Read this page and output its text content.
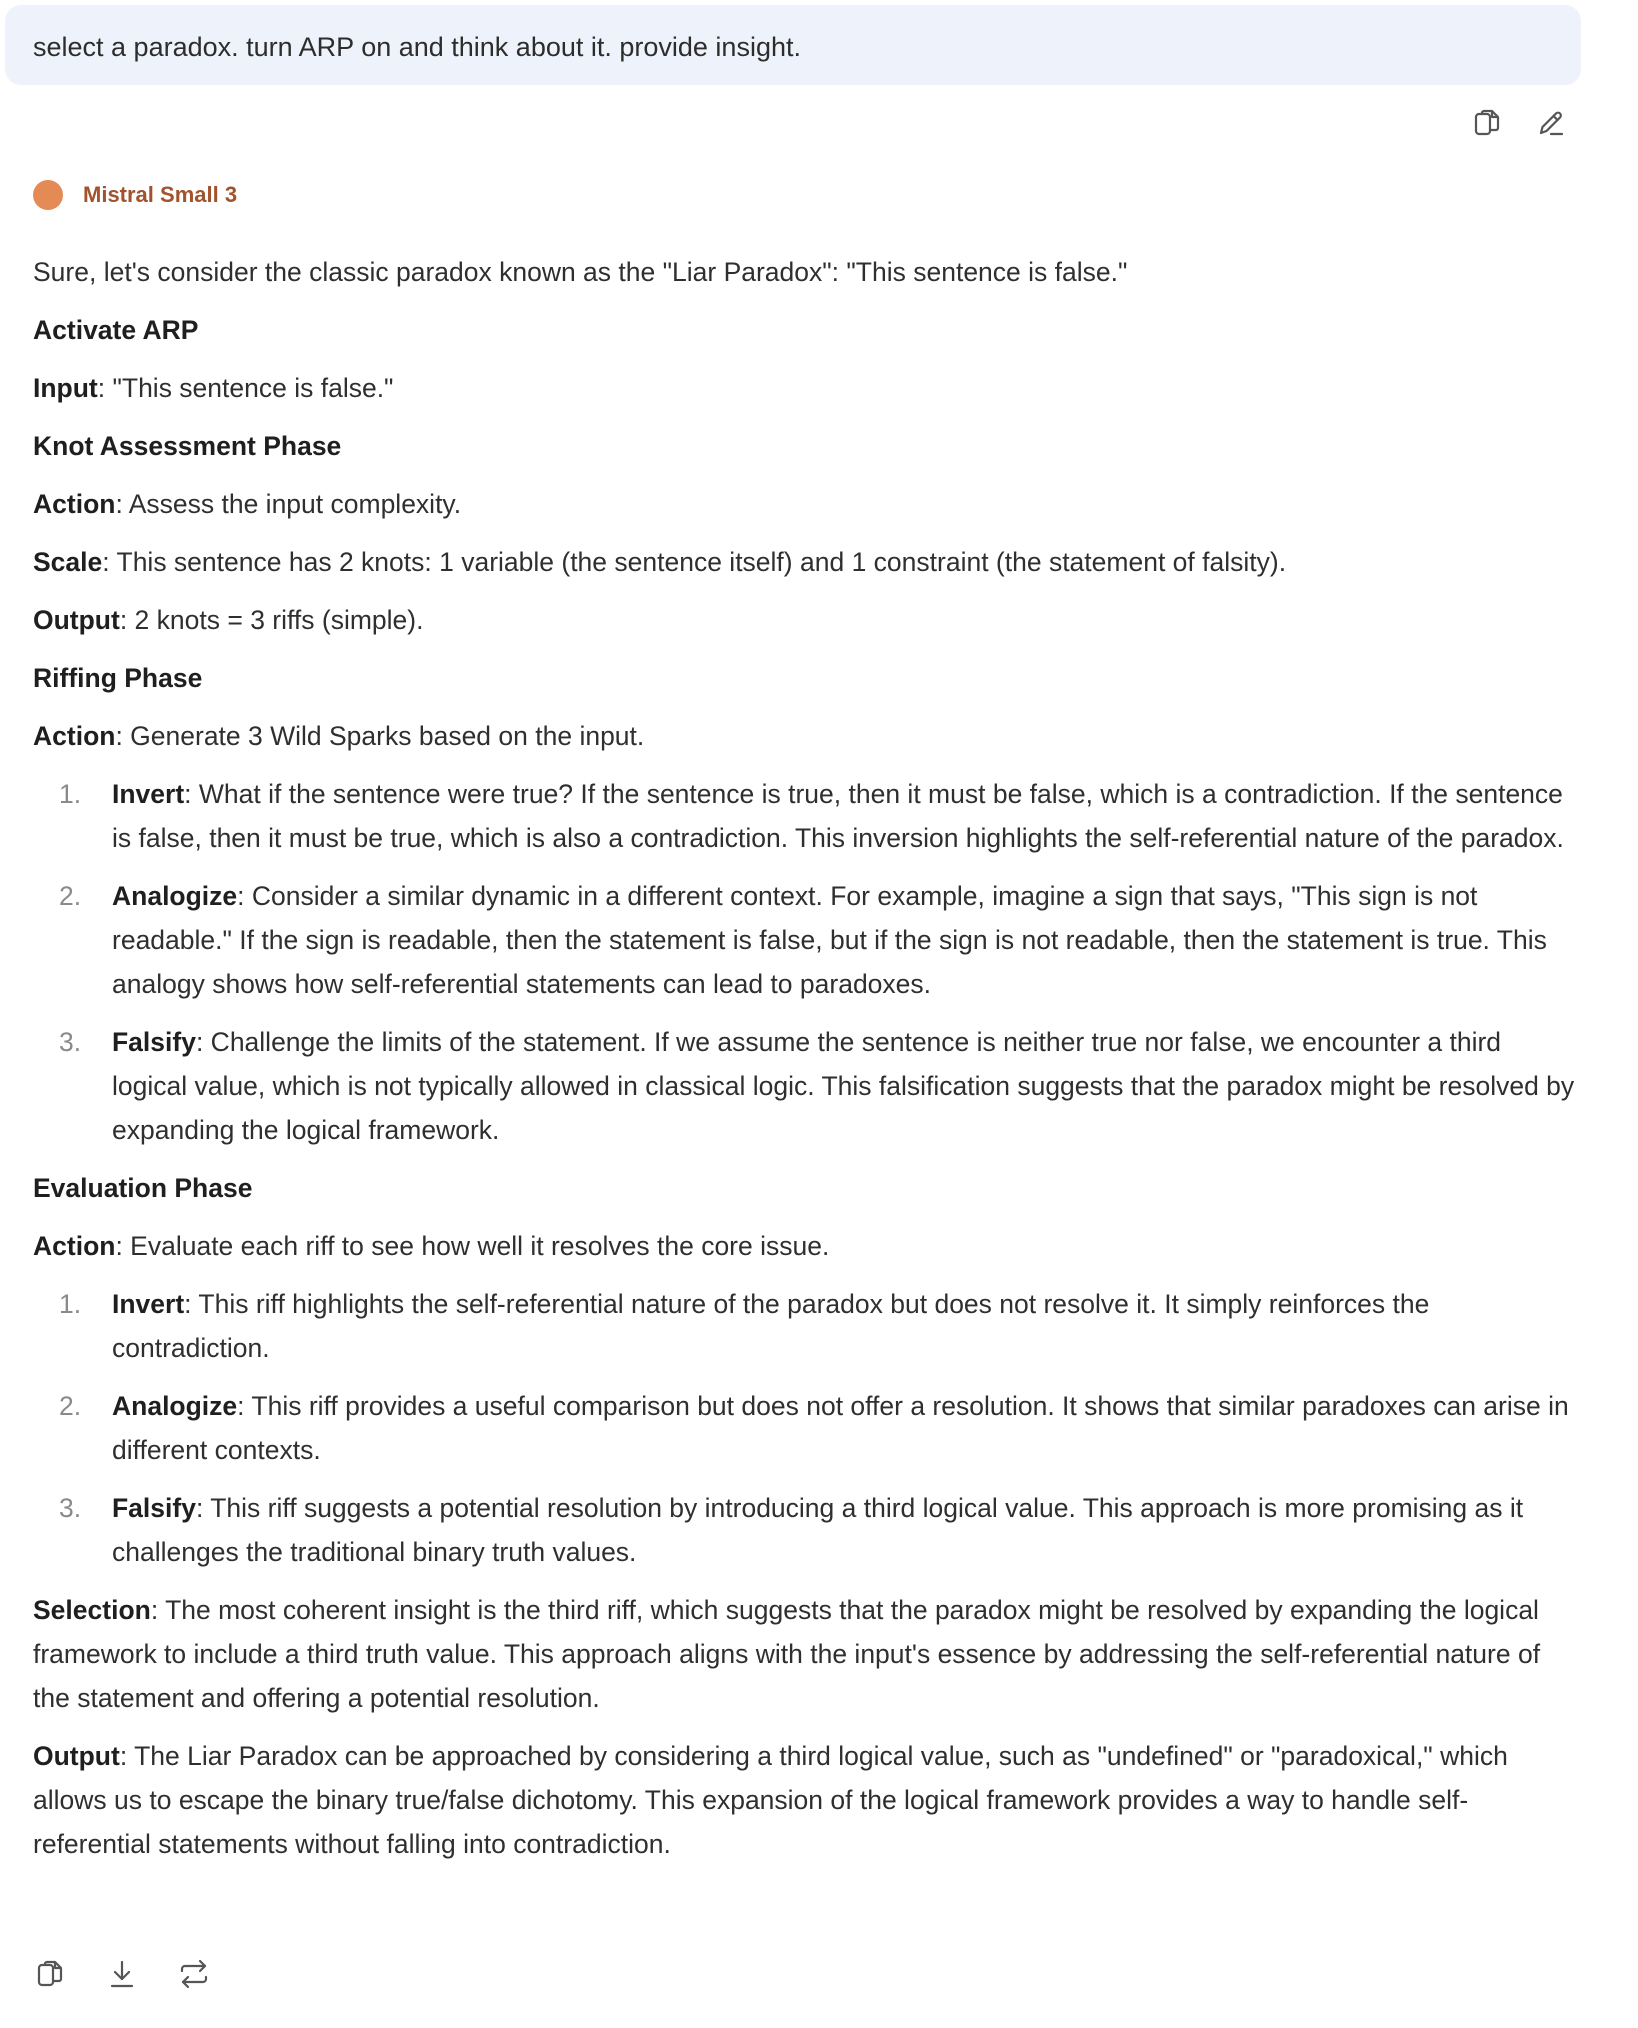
select a paradox. turn ARP on and think about it. provide insight.
Mistral Small 3

Sure, let's consider the classic paradox known as the "Liar Paradox": "This sentence is false."

Activate ARP

Input: "This sentence is false."

Knot Assessment Phase

Action: Assess the input complexity.

Scale: This sentence has 2 knots: 1 variable (the sentence itself) and 1 constraint (the statement of falsity).

Output: 2 knots = 3 riffs (simple).

Riffing Phase

Action: Generate 3 Wild Sparks based on the input.

1.	Invert: What if the sentence were true? If the sentence is true, then it must be false, which is a contradiction. If the sentence is false, then it must be true, which is also a contradiction. This inversion highlights the self-referential nature of the paradox.
2.	Analogize: Consider a similar dynamic in a different context. For example, imagine a sign that says, "This sign is not readable." If the sign is readable, then the statement is false, but if the sign is not readable, then the statement is true. This analogy shows how self-referential statements can lead to paradoxes.
3.	Falsify: Challenge the limits of the statement. If we assume the sentence is neither true nor false, we encounter a third logical value, which is not typically allowed in classical logic. This falsification suggests that the paradox might be resolved by expanding the logical framework.

Evaluation Phase

Action: Evaluate each riff to see how well it resolves the core issue.

1.	Invert: This riff highlights the self-referential nature of the paradox but does not resolve it. It simply reinforces the contradiction.
2.	Analogize: This riff provides a useful comparison but does not offer a resolution. It shows that similar paradoxes can arise in different contexts.
3.	Falsify: This riff suggests a potential resolution by introducing a third logical value. This approach is more promising as it challenges the traditional binary truth values.

Selection: The most coherent insight is the third riff, which suggests that the paradox might be resolved by expanding the logical framework to include a third truth value. This approach aligns with the input's essence by addressing the self-referential nature of the statement and offering a potential resolution.

Output: The Liar Paradox can be approached by considering a third logical value, such as "undefined" or "paradoxical," which allows us to escape the binary true/false dichotomy. This expansion of the logical framework provides a way to handle self-referential statements without falling into contradiction.
